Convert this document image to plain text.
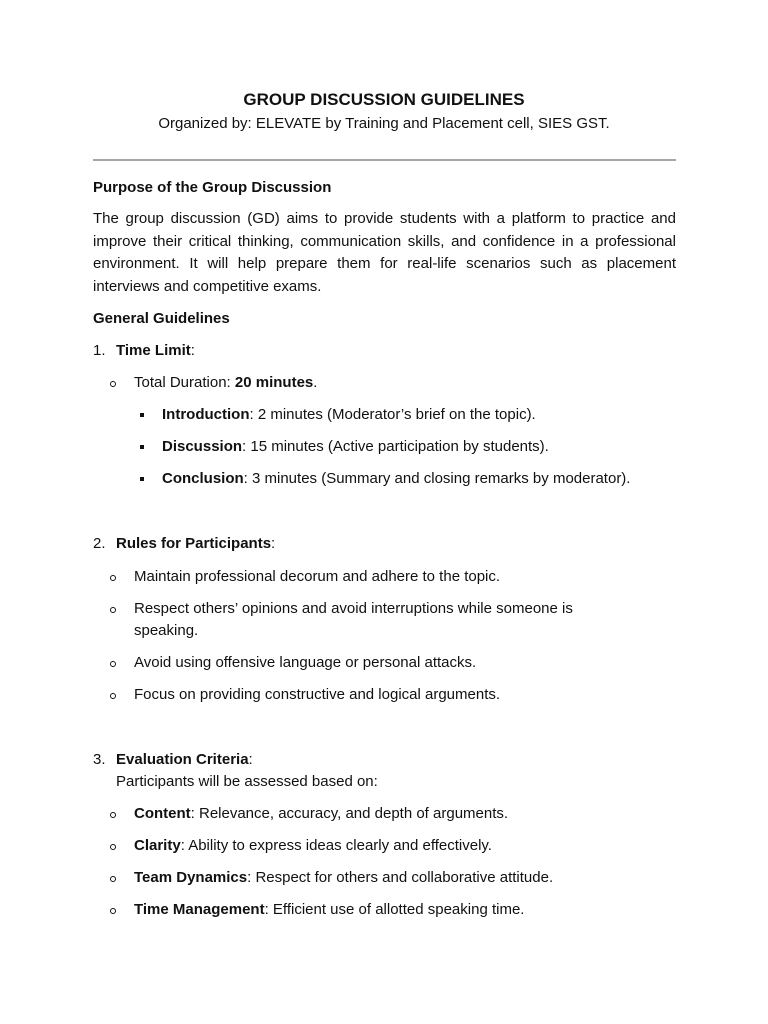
GROUP DISCUSSION GUIDELINES
Organized by: ELEVATE by Training and Placement cell, SIES GST.
Purpose of the Group Discussion
The group discussion (GD) aims to provide students with a platform to practice and improve their critical thinking, communication skills, and confidence in a professional environment. It will help prepare them for real-life scenarios such as placement interviews and competitive exams.
General Guidelines
1. Time Limit:
Total Duration: 20 minutes.
Introduction: 2 minutes (Moderator’s brief on the topic).
Discussion: 15 minutes (Active participation by students).
Conclusion: 3 minutes (Summary and closing remarks by moderator).
2. Rules for Participants:
Maintain professional decorum and adhere to the topic.
Respect others’ opinions and avoid interruptions while someone is speaking.
Avoid using offensive language or personal attacks.
Focus on providing constructive and logical arguments.
3. Evaluation Criteria:
Participants will be assessed based on:
Content: Relevance, accuracy, and depth of arguments.
Clarity: Ability to express ideas clearly and effectively.
Team Dynamics: Respect for others and collaborative attitude.
Time Management: Efficient use of allotted speaking time.
